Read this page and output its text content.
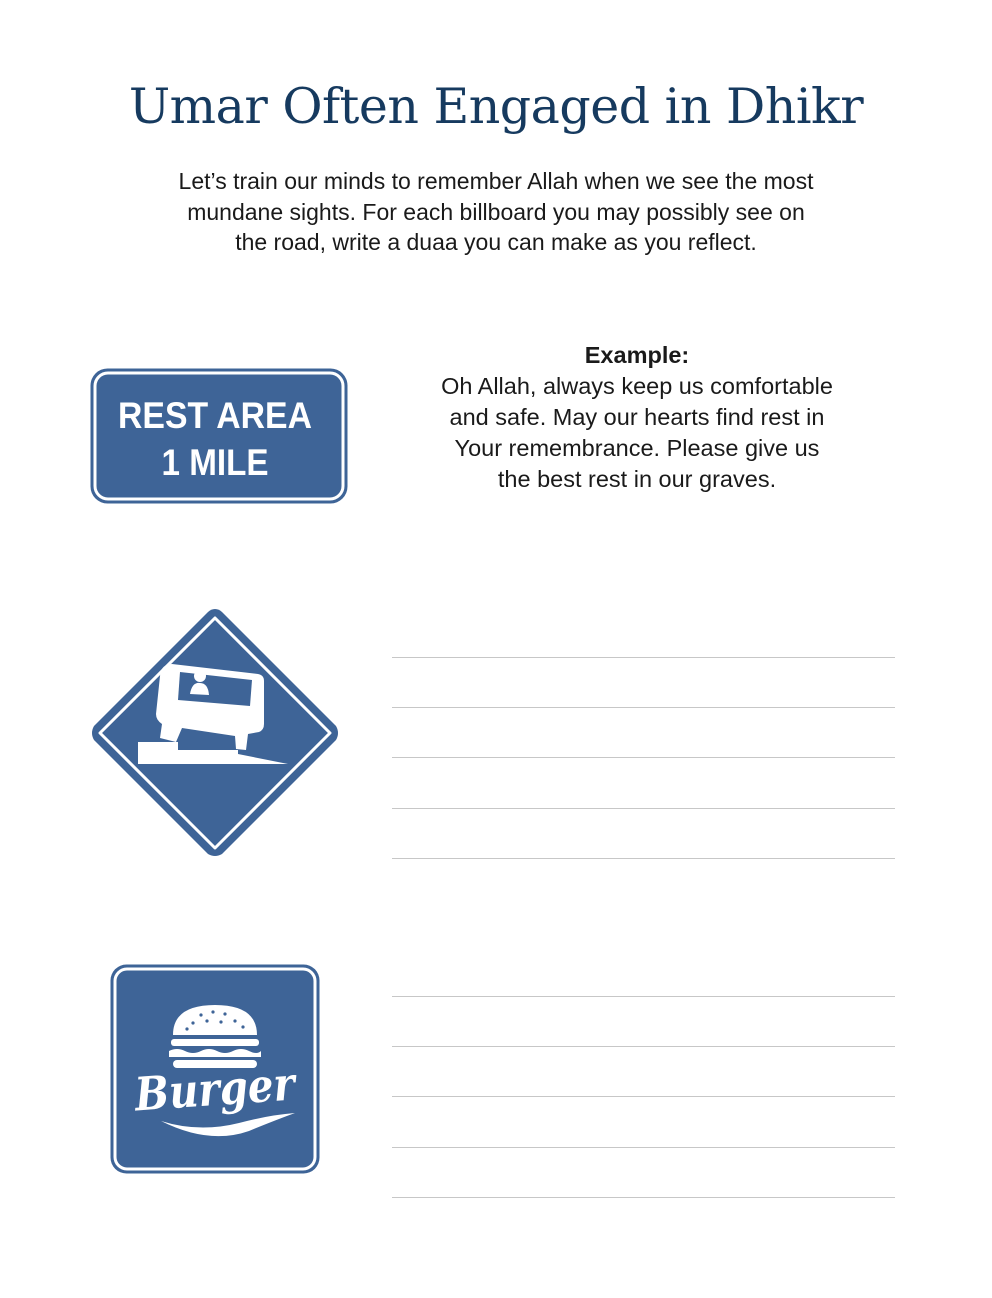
Umar Often Engaged in Dhikr
Let’s train our minds to remember Allah when we see the most
mundane sights. For each billboard you may possibly see on
the road, write a duaa you can make as you reflect.
REST AREA
1 MILE
Example:
Oh Allah, always keep us comfortable
and safe. May our hearts find rest in
Your remembrance. Please give us
the best rest in our graves.
Burger
